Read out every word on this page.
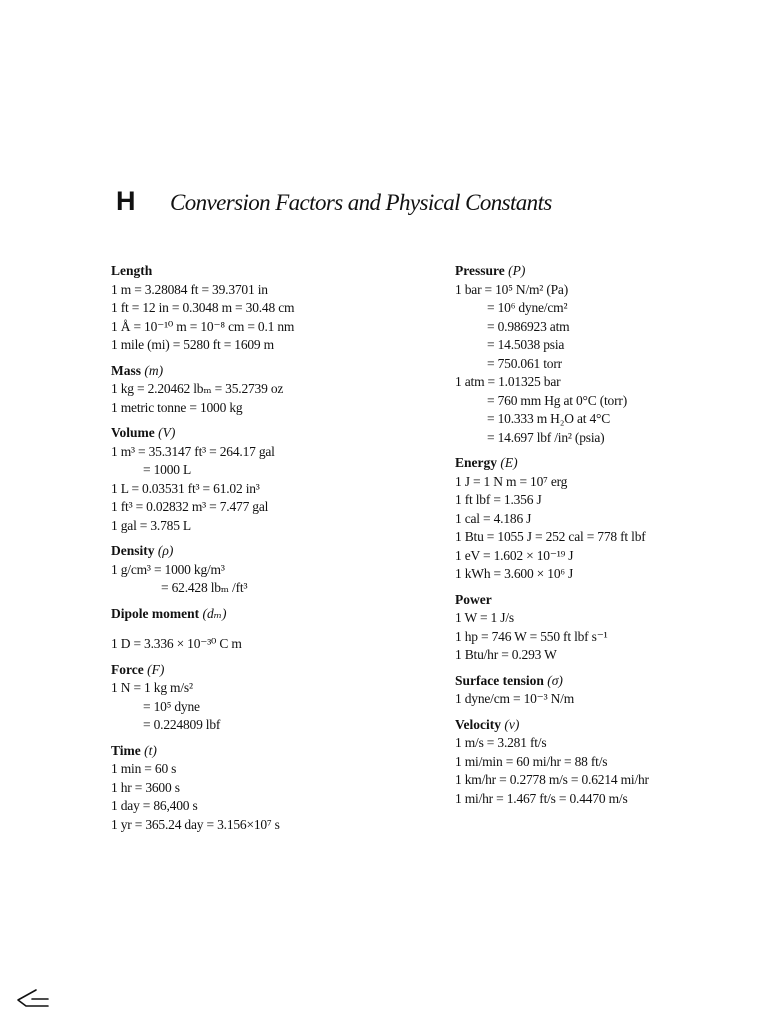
H	Conversion Factors and Physical Constants
Length
1 m = 3.28084 ft = 39.3701 in
1 ft = 12 in = 0.3048 m = 30.48 cm
1 Å = 10⁻¹⁰ m = 10⁻⁸ cm = 0.1 nm
1 mile (mi) = 5280 ft = 1609 m
Mass (m)
1 kg = 2.20462 lbₘ = 35.2739 oz
1 metric tonne = 1000 kg
Volume (V)
1 m³ = 35.3147 ft³ = 264.17 gal
= 1000 L
1 L = 0.03531 ft³ = 61.02 in³
1 ft³ = 0.02832 m³ = 7.477 gal
1 gal = 3.785 L
Density (ρ)
1 g/cm³ = 1000 kg/m³
= 62.428 lbₘ /ft³
Dipole moment (dₘ)
1 D = 3.336 × 10⁻³⁰ C m
Force (F)
1 N = 1 kg m/s²
= 10⁵ dyne
= 0.224809 lbf
Time (t)
1 min = 60 s
1 hr = 3600 s
1 day = 86,400 s
1 yr = 365.24 day = 3.156×10⁷ s
Pressure (P)
1 bar = 10⁵ N/m² (Pa)
= 10⁶ dyne/cm²
= 0.986923 atm
= 14.5038 psia
= 750.061 torr
1 atm = 1.01325 bar
= 760 mm Hg at 0°C (torr)
= 10.333 m H₂O at 4°C
= 14.697 lbf /in² (psia)
Energy (E)
1 J = 1 N m = 10⁷ erg
1 ft lbf = 1.356 J
1 cal = 4.186 J
1 Btu = 1055 J = 252 cal = 778 ft lbf
1 eV = 1.602 × 10⁻¹⁹ J
1 kWh = 3.600 × 10⁶ J
Power
1 W = 1 J/s
1 hp = 746 W = 550 ft lbf s⁻¹
1 Btu/hr = 0.293 W
Surface tension (σ)
1 dyne/cm = 10⁻³ N/m
Velocity (v)
1 m/s = 3.281 ft/s
1 mi/min = 60 mi/hr = 88 ft/s
1 km/hr = 0.2778 m/s = 0.6214 mi/hr
1 mi/hr = 1.467 ft/s = 0.4470 m/s
